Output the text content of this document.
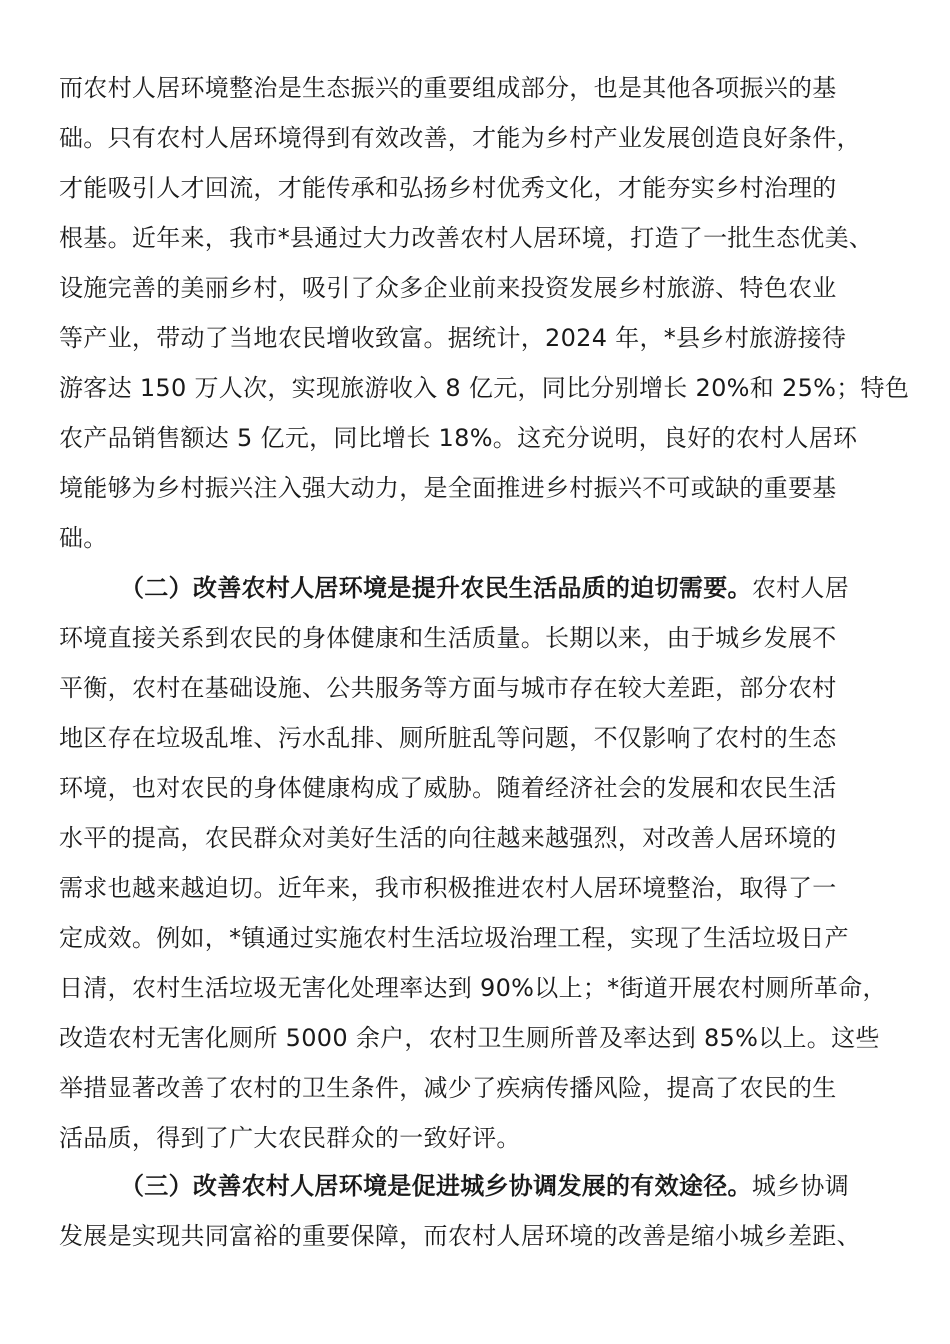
而农村人居环境整治是生态振兴的重要组成部分，也是其他各项振兴的基
础。只有农村人居环境得到有效改善，才能为乡村产业发展创造良好条件，
才能吸引人才回流，才能传承和弘扬乡村优秀文化，才能夯实乡村治理的
根基。近年来，我市*县通过大力改善农村人居环境，打造了一批生态优美、
设施完善的美丽乡村，吸引了众多企业前来投资发展乡村旅游、特色农业
等产业，带动了当地农民增收致富。据统计，2024 年，*县乡村旅游接待
游客达 150 万人次，实现旅游收入 8 亿元，同比分别增长 20%和 25%；特色
农产品销售额达 5 亿元，同比增长 18%。这充分说明，良好的农村人居环
境能够为乡村振兴注入强大动力，是全面推进乡村振兴不可或缺的重要基
础。
（二）改善农村人居环境是提升农民生活品质的迫切需要。农村人居
环境直接关系到农民的身体健康和生活质量。长期以来，由于城乡发展不
平衡，农村在基础设施、公共服务等方面与城市存在较大差距，部分农村
地区存在垃圾乱堆、污水乱排、厕所脏乱等问题，不仅影响了农村的生态
环境，也对农民的身体健康构成了威胁。随着经济社会的发展和农民生活
水平的提高，农民群众对美好生活的向往越来越强烈，对改善人居环境的
需求也越来越迫切。近年来，我市积极推进农村人居环境整治，取得了一
定成效。例如，*镇通过实施农村生活垃圾治理工程，实现了生活垃圾日产
日清，农村生活垃圾无害化处理率达到 90%以上；*街道开展农村厕所革命，
改造农村无害化厕所 5000 余户，农村卫生厕所普及率达到 85%以上。这些
举措显著改善了农村的卫生条件，减少了疾病传播风险，提高了农民的生
活品质，得到了广大农民群众的一致好评。
（三）改善农村人居环境是促进城乡协调发展的有效途径。城乡协调
发展是实现共同富裕的重要保障，而农村人居环境的改善是缩小城乡差距、
